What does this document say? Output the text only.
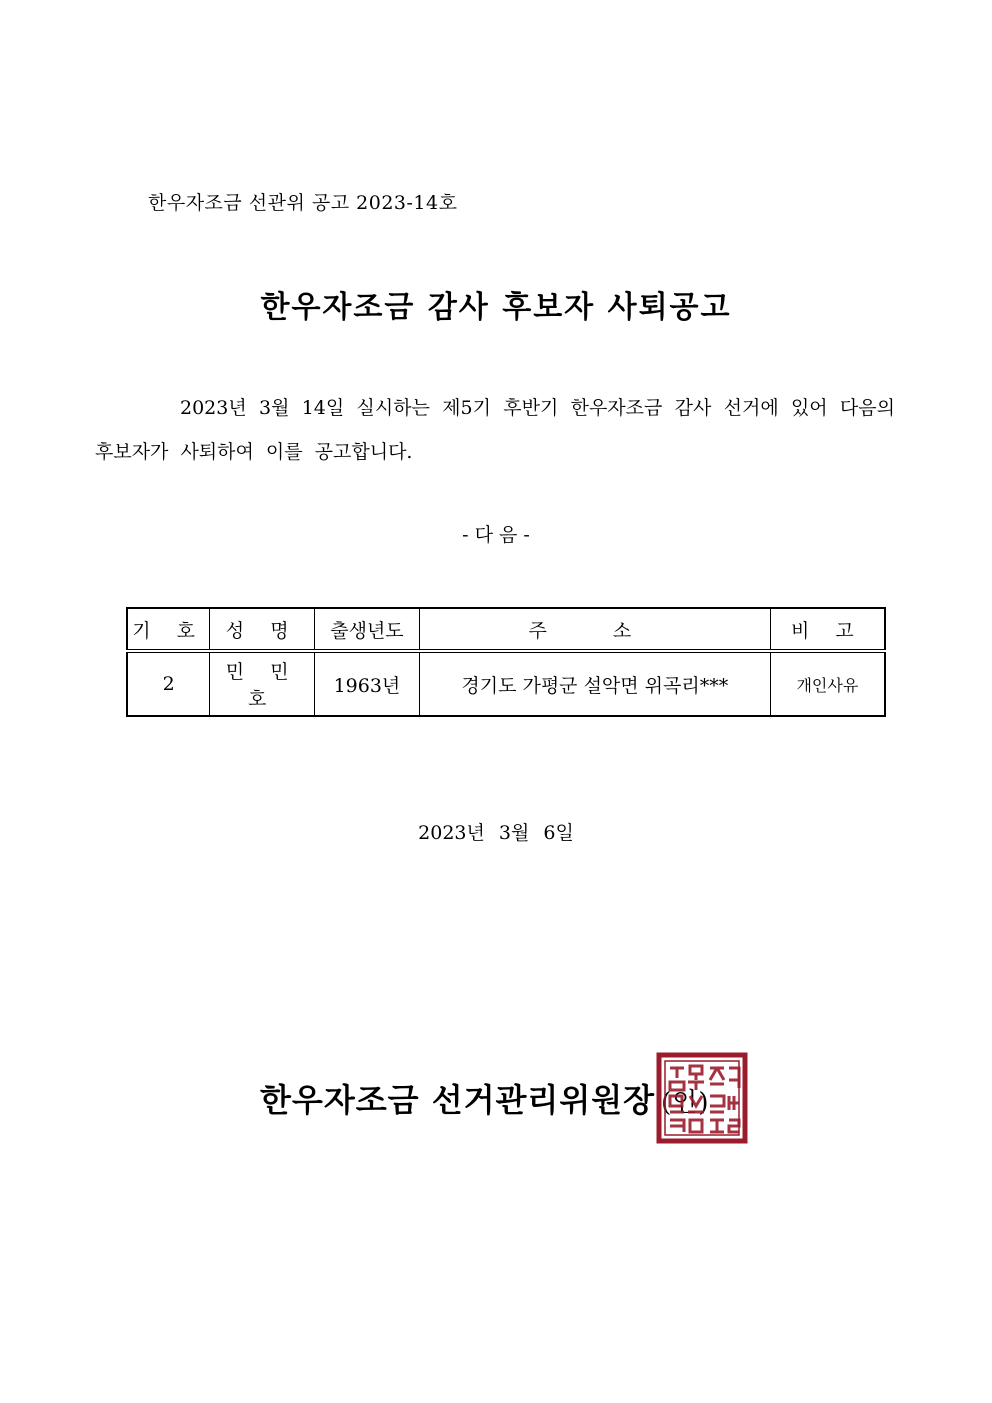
한우자조금 선관위 공고 2023-14호
한우자조금 감사 후보자 사퇴공고
2023년 3월 14일 실시하는 제5기 후반기 한우자조금 감사 선거에 있어 다음의 후보자가 사퇴하여 이를 공고합니다.
- 다 음 -
기 호	성 명	출생년도	주 소	비 고
2	민 민 호	1963년	경기도 가평군 설악면 위곡리***	개인사유
2023년 3월 6일
한우자조금 선거관리위원장 (인)
